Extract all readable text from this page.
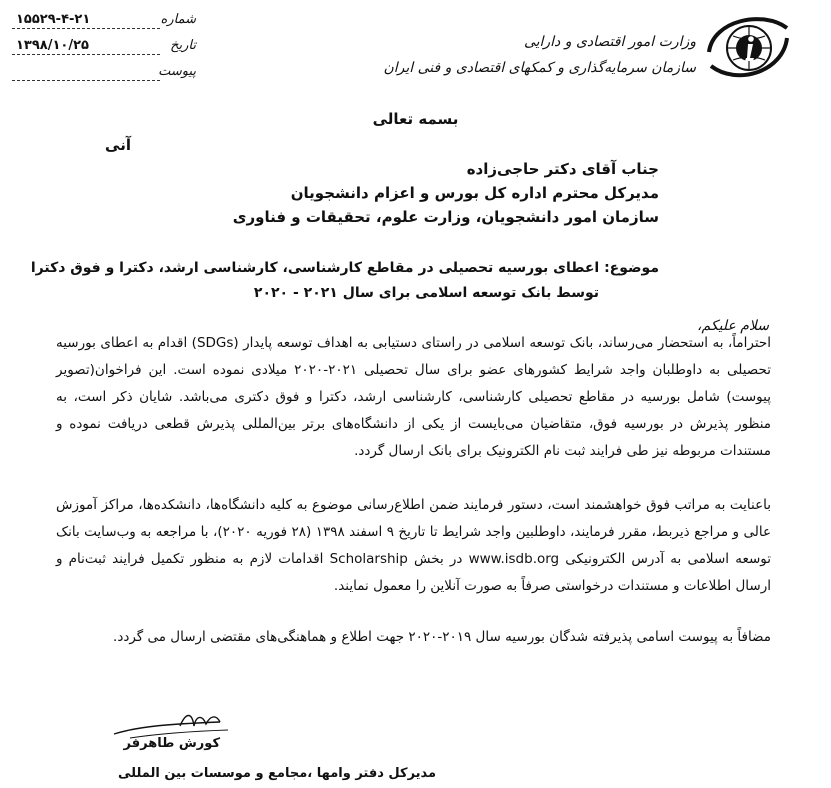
شماره
۱۵۵۲۹-۴-۲۱
تاریخ
۱۳۹۸/۱۰/۲۵
پیوست
وزارت امور اقتصادی و دارایی
سازمان سرمایه‌گذاری و کمکهای اقتصادی و فنی ایران
بسمه تعالی
آنی
جناب آقای دکتر حاجی‌زاده
مدیرکل محترم اداره کل بورس و اعزام دانشجویان
سازمان امور دانشجویان، وزارت علوم، تحقیقات و فناوری
موضوع: اعطای بورسیه تحصیلی در مقاطع کارشناسی، کارشناسی ارشد، دکترا و فوق دکترا
توسط بانک توسعه اسلامی برای سال ۲۰۲۱ - ۲۰۲۰
سلام علیکم،
احتراماً، به استحضار می‌رساند، بانک توسعه اسلامی در راستای دستیابی به اهداف توسعه پایدار (SDGs) اقدام به اعطای بورسیه تحصیلی به داوطلبان واجد شرایط کشورهای عضو برای سال تحصیلی ۲۰۲۱-۲۰۲۰ میلادی نموده است. این فراخوان(تصویر پیوست) شامل بورسیه در مقاطع تحصیلی کارشناسی، کارشناسی ارشد، دکترا و فوق دکتری می‌باشد. شایان ذکر است، به منظور پذیرش در بورسیه فوق، متقاضیان می‌بایست از یکی از دانشگاه‌های برتر بین‌المللی پذیرش قطعی دریافت نموده و مستندات مربوطه نیز طی فرایند ثبت نام الکترونیک برای بانک ارسال گردد.
باعنایت به مراتب فوق خواهشمند است، دستور فرمایند ضمن اطلاع‌رسانی موضوع به کلیه دانشگاه‌ها، دانشکده‌ها، مراکز آموزش عالی و مراجع ذیربط، مقرر فرمایند، داوطلبین واجد شرایط تا تاریخ ۹ اسفند ۱۳۹۸ (۲۸ فوریه ۲۰۲۰)، با مراجعه به وب‌سایت بانک توسعه اسلامی به آدرس الکترونیکی www.isdb.org در بخش Scholarship اقدامات لازم به منظور تکمیل فرایند ثبت‌نام و ارسال اطلاعات و مستندات درخواستی صرفاً به صورت آنلاین را معمول نمایند.
مضافاً به پیوست اسامی پذیرفته شدگان بورسیه سال ۲۰۱۹-۲۰۲۰ جهت اطلاع و هماهنگی‌های مقتضی ارسال می گردد.
کورش طاهرفر
مدیرکل دفتر وامها ،مجامع و موسسات بین المللی
